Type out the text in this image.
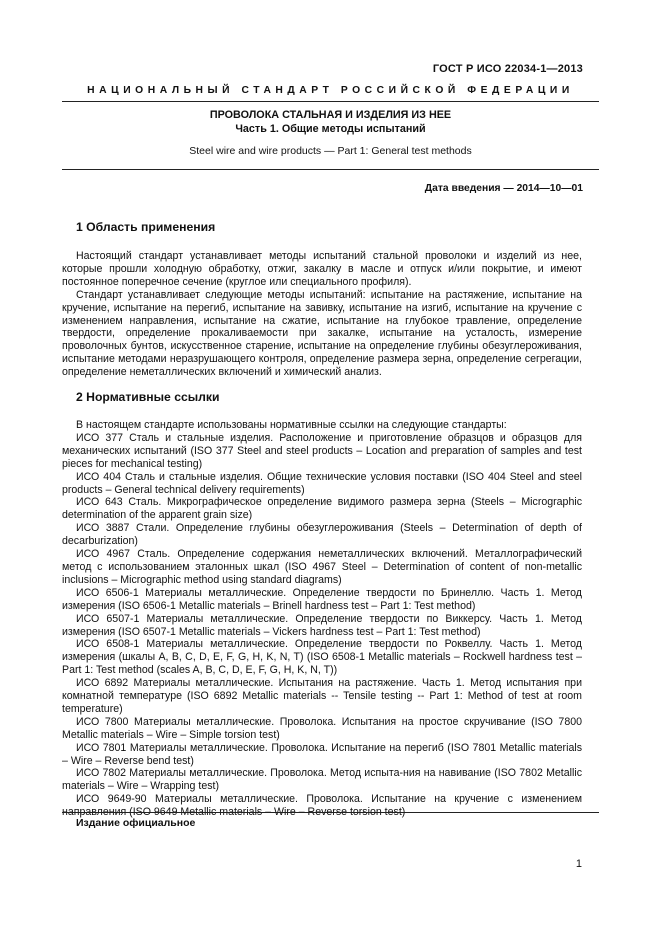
ГОСТ Р ИСО 22034-1—2013
НАЦИОНАЛЬНЫЙ СТАНДАРТ РОССИЙСКОЙ ФЕДЕРАЦИИ
ПРОВОЛОКА СТАЛЬНАЯ И ИЗДЕЛИЯ ИЗ НЕЕ
Часть 1. Общие методы испытаний
Steel wire and wire products — Part 1: General test methods
Дата введения — 2014—10—01
1 Область применения

Настоящий стандарт устанавливает методы испытаний стальной проволоки и изделий из нее, которые прошли холодную обработку, отжиг, закалку в масле и отпуск и/или покрытие, и имеют постоянное поперечное сечение (круглое или специального профиля).

Стандарт устанавливает следующие методы испытаний: испытание на растяжение, испытание на кручение, испытание на перегиб, испытание на завивку, испытание на изгиб, испытание на кручение с изменением направления, испытание на сжатие, испытание на глубокое травление, определение твердости, определение прокаливаемости при закалке, испытание на усталость, измерение проволочных бунтов, искусственное старение, испытание на определение глубины обезуглероживания, испытание методами неразрушающего контроля, определение размера зерна, определение сегрегации, определение неметаллических включений и химический анализ.

2 Нормативные ссылки

В настоящем стандарте использованы нормативные ссылки на следующие стандарты:

ИСО 377 Сталь и стальные изделия. Расположение и приготовление образцов и образцов для механических испытаний (ISO 377 Steel and steel products – Location and preparation of samples and test pieces for mechanical testing)

ИСО 404 Сталь и стальные изделия. Общие технические условия поставки (ISO 404 Steel and steel products – General technical delivery requirements)

ИСО 643 Сталь. Микрографическое определение видимого размера зерна (Steels – Micrographic determination of the apparent grain size)

ИСО 3887 Стали. Определение глубины обезуглероживания (Steels – Determination of depth of decarburization)

ИСО 4967 Сталь. Определение содержания неметаллических включений. Металлографический метод с использованием эталонных шкал (ISO 4967 Steel – Determination of content of non-metallic inclusions – Micrographic method using standard diagrams)

ИСО 6506-1 Материалы металлические. Определение твердости по Бринеллю. Часть 1. Метод измерения (ISO 6506-1 Metallic materials – Brinell hardness test – Part 1: Test method)

ИСО 6507-1 Материалы металлические. Определение твердости по Виккерсу. Часть 1. Метод измерения (ISO 6507-1 Metallic materials – Vickers hardness test – Part 1: Test method)

ИСО 6508-1 Материалы металлические. Определение твердости по Роквеллу. Часть 1. Метод измерения (шкалы A, B, C, D, E, F, G, H, K, N, T) (ISO 6508-1 Metallic materials – Rockwell hardness test – Part 1: Test method (scales A, B, C, D, E, F, G, H, K, N, T))

ИСО 6892 Материалы металлические. Испытания на растяжение. Часть 1. Метод испытания при комнатной температуре (ISO 6892 Metallic materials -- Tensile testing -- Part 1: Method of test at room temperature)

ИСО 7800 Материалы металлические. Проволока. Испытания на простое скручивание (ISO 7800 Metallic materials – Wire – Simple torsion test)

ИСО 7801 Материалы металлические. Проволока. Испытание на перегиб (ISO 7801 Metallic materials – Wire – Reverse bend test)

ИСО 7802 Материалы металлические. Проволока. Метод испыта-ния на навивание (ISO 7802 Metallic materials – Wire – Wrapping test)

ИСО 9649-90 Материалы металлические. Проволока. Испытание на кручение с изменением направления (ISO 9649 Metallic materials – Wire – Reverse torsion test)

Издание официальное
1
